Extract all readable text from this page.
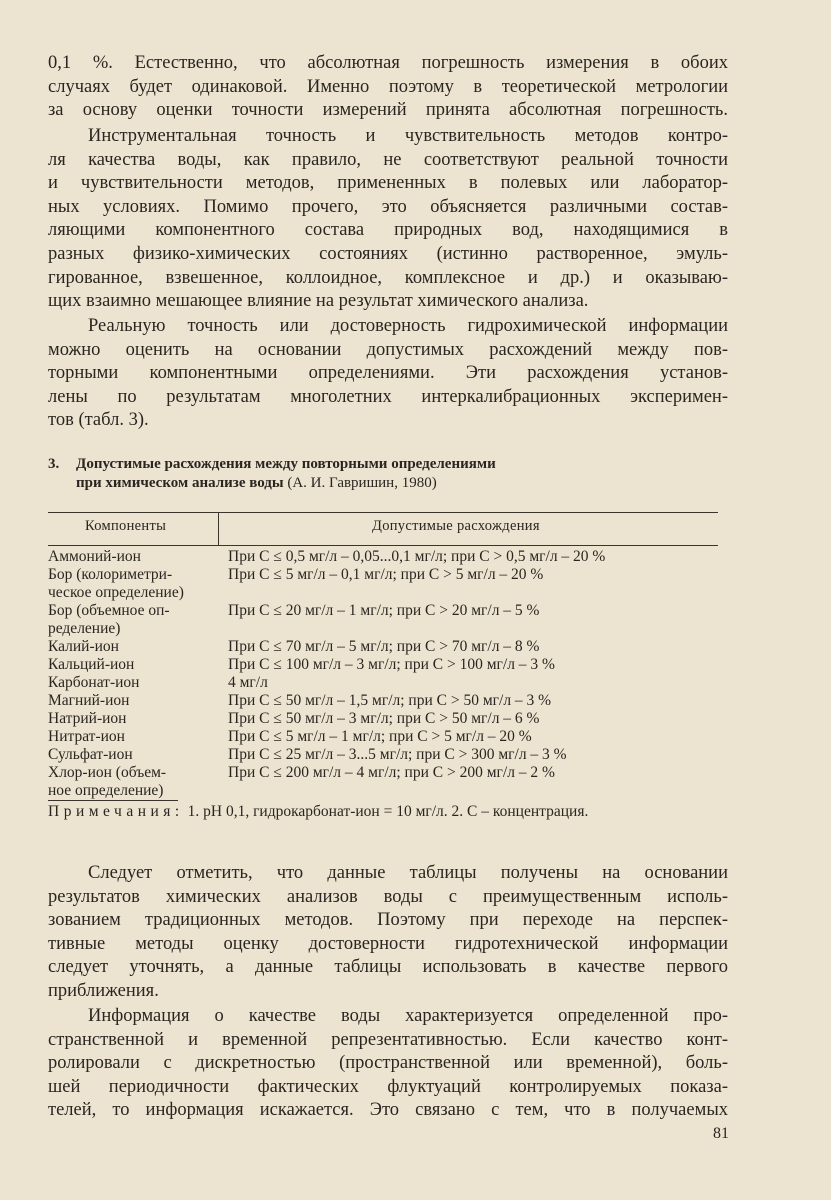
0,1 %. Естественно, что абсолютная погрешность измерения в обоих
случаях будет одинаковой. Именно поэтому в теоретической метрологии
за основу оценки точности измерений принята абсолютная погрешность.
Инструментальная точность и чувствительность методов контро-
ля качества воды, как правило, не соответствуют реальной точности
и чувствительности методов, примененных в полевых или лаборатор-
ных условиях. Помимо прочего, это объясняется различными состав-
ляющими компонентного состава природных вод, находящимися в
разных физико-химических состояниях (истинно растворенное, эмуль-
гированное, взвешенное, коллоидное, комплексное и др.) и оказываю-
щих взаимно мешающее влияние на результат химического анализа.
Реальную точность или достоверность гидрохимической информации
можно оценить на основании допустимых расхождений между пов-
торными компонентными определениями. Эти расхождения установ-
лены по результатам многолетних интеркалибрационных эксперимен-
тов (табл. 3).
3. Допустимые расхождения между повторными определениями
при химическом анализе воды (А. И. Гавришин, 1980)
Компоненты	Допустимые расхождения
Аммоний-ион	При C ≤ 0,5 мг/л – 0,05...0,1 мг/л; при C > 0,5 мг/л – 20 %
Бор (колориметри-	При C ≤ 5 мг/л – 0,1 мг/л; при C > 5 мг/л – 20 %
ческое определение)
Бор (объемное оп-	При C ≤ 20 мг/л – 1 мг/л; при C > 20 мг/л – 5 %
ределение)
Калий-ион	При C ≤ 70 мг/л – 5 мг/л; при C > 70 мг/л – 8 %
Кальций-ион	При C ≤ 100 мг/л – 3 мг/л; при C > 100 мг/л – 3 %
Карбонат-ион	4 мг/л
Магний-ион	При C ≤ 50 мг/л – 1,5 мг/л; при C > 50 мг/л – 3 %
Натрий-ион	При C ≤ 50 мг/л – 3 мг/л; при C > 50 мг/л – 6 %
Нитрат-ион	При C ≤ 5 мг/л – 1 мг/л; при C > 5 мг/л – 20 %
Сульфат-ион	При C ≤ 25 мг/л – 3...5 мг/л; при C > 300 мг/л – 3 %
Хлор-ион (объем-	При C ≤ 200 мг/л – 4 мг/л; при C > 200 мг/л – 2 %
ное определение)
Примечания: 1. pH 0,1, гидрокарбонат-ион = 10 мг/л. 2. C – концентрация.
Следует отметить, что данные таблицы получены на основании
результатов химических анализов воды с преимущественным исполь-
зованием традиционных методов. Поэтому при переходе на перспек-
тивные методы оценку достоверности гидротехнической информации
следует уточнять, а данные таблицы использовать в качестве первого
приближения.
Информация о качестве воды характеризуется определенной про-
странственной и временной репрезентативностью. Если качество конт-
ролировали с дискретностью (пространственной или временной), боль-
шей периодичности фактических флуктуаций контролируемых показа-
телей, то информация искажается. Это связано с тем, что в получаемых
81
